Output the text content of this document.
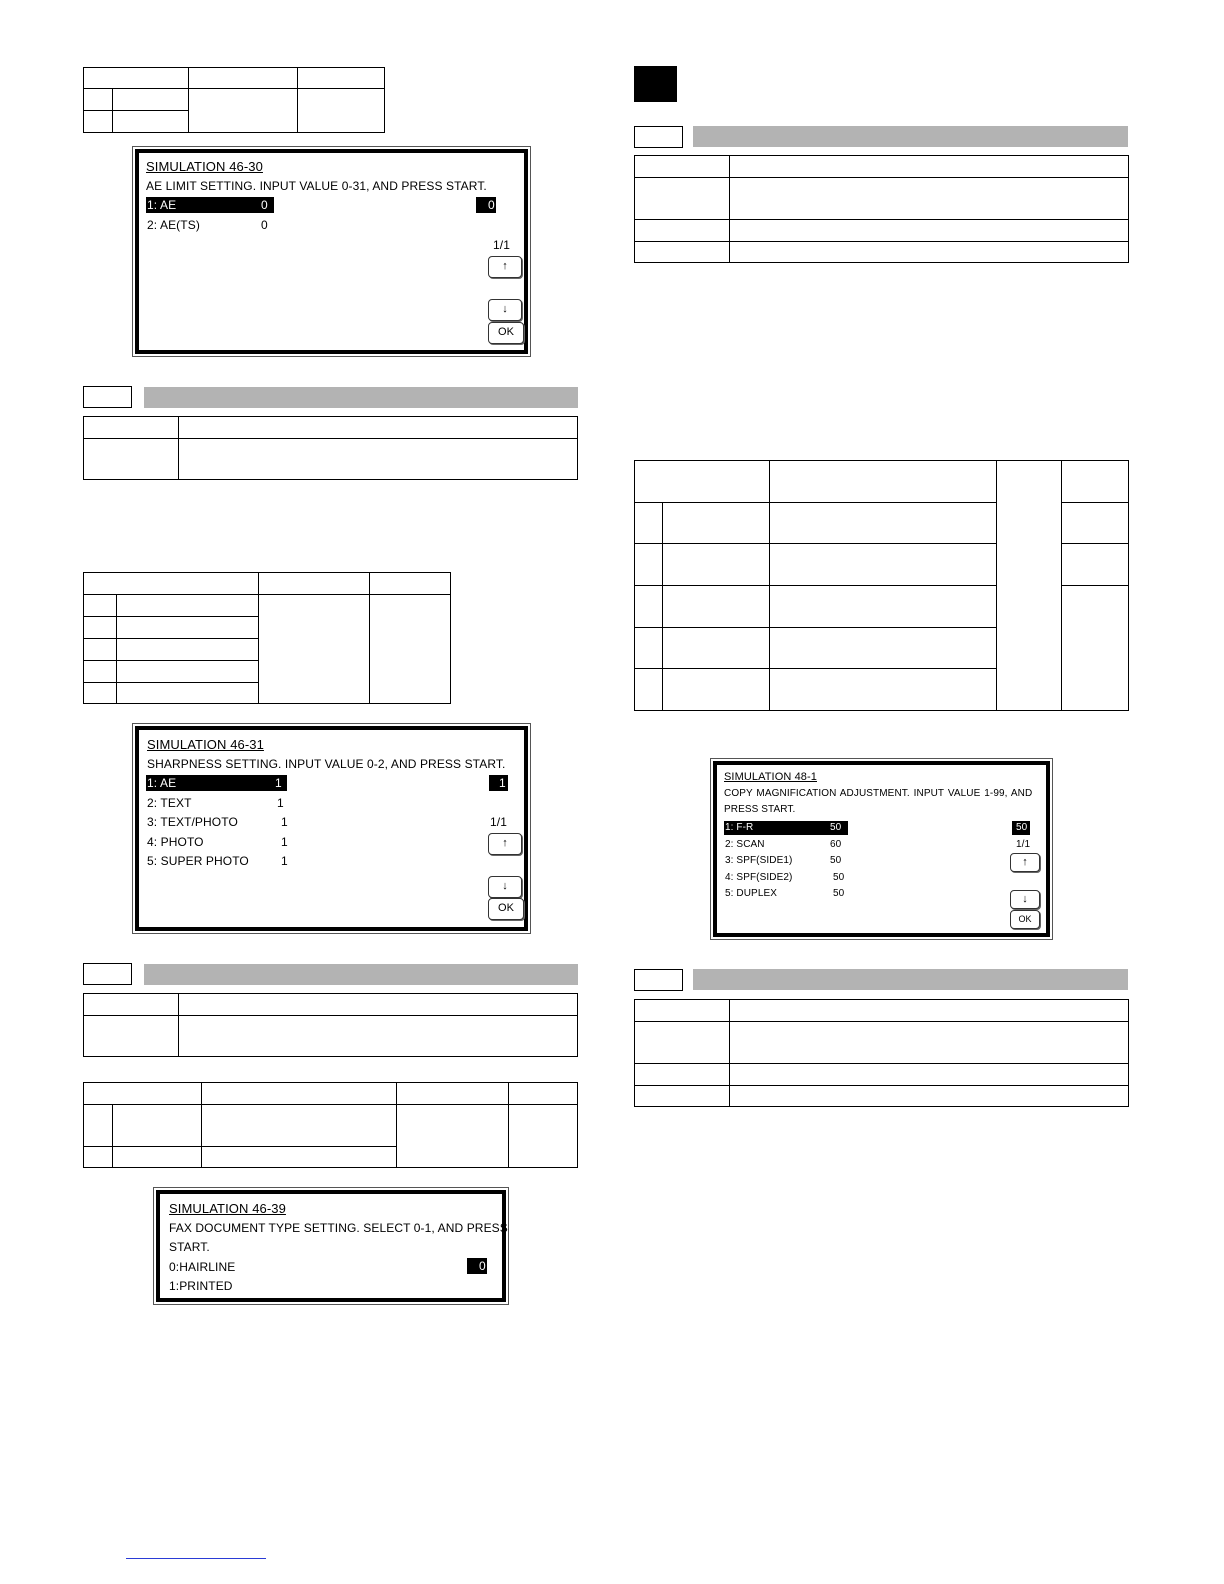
SIMULATION 46-30
AE LIMIT SETTING. INPUT VALUE 0-31, AND PRESS START.
1: AE	0	0
2: AE(TS)	0
1/1
↑
↓
OK
SIMULATION 46-31
SHARPNESS SETTING. INPUT VALUE 0-2, AND PRESS START.
1: AE	1	1
2: TEXT	1
3: TEXT/PHOTO	1
4: PHOTO	1
5: SUPER PHOTO	1
1/1
↑
↓
OK
SIMULATION 46-39
FAX DOCUMENT TYPE SETTING. SELECT 0-1, AND PRESS
START.
0:HAIRLINE	0
1:PRINTED
SIMULATION 48-1
COPY MAGNIFICATION ADJUSTMENT. INPUT VALUE 1-99, AND
PRESS START.
1: F-R	50	50
2: SCAN	60
3: SPF(SIDE1)	50
4: SPF(SIDE2)	50
5: DUPLEX	50
1/1
↑
↓
OK
